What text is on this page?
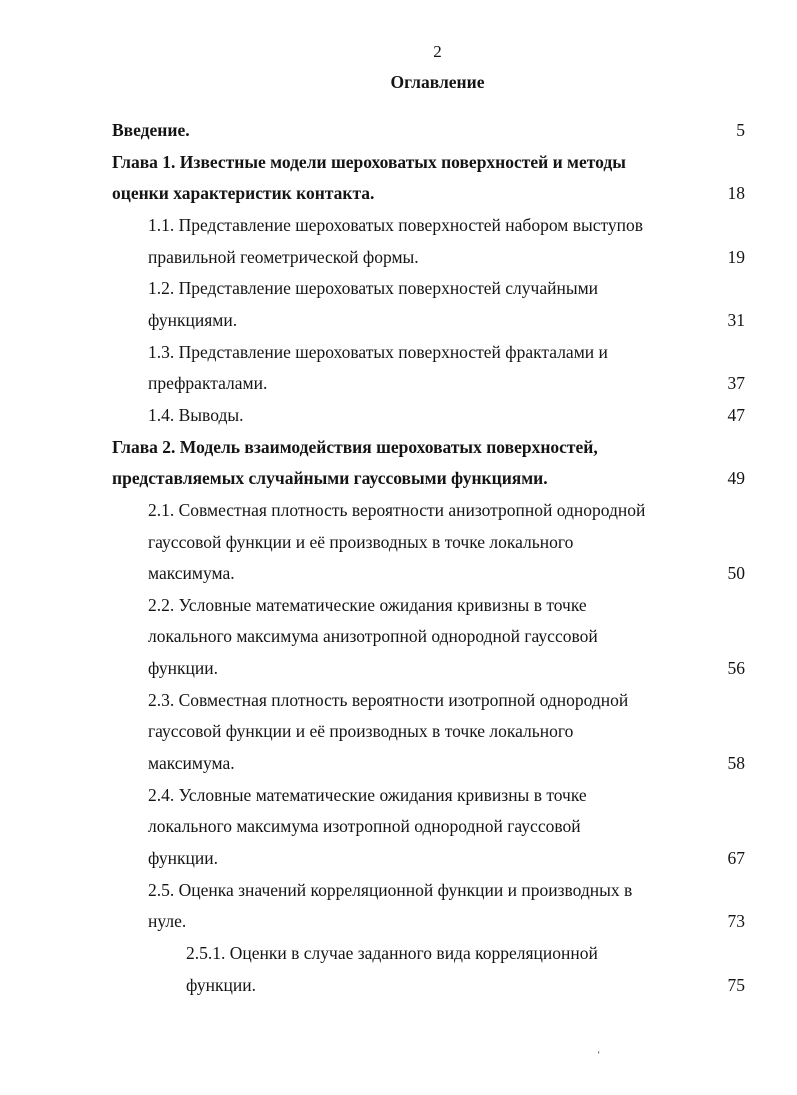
2
Оглавление
Введение.	5
Глава 1. Известные модели шероховатых поверхностей и методы
оценки характеристик контакта.	18
1.1. Представление шероховатых поверхностей набором выступов
правильной геометрической формы.	19
1.2. Представление шероховатых поверхностей случайными
функциями.	31
1.3. Представление шероховатых поверхностей фракталами и
префракталами.	37
1.4. Выводы.	47
Глава 2. Модель взаимодействия шероховатых поверхностей,
представляемых случайными гауссовыми функциями.	49
2.1. Совместная плотность вероятности анизотропной однородной
гауссовой функции и её производных в точке локального
максимума.	50
2.2. Условные математические ожидания кривизны в точке
локального максимума анизотропной однородной гауссовой
функции.	56
2.3. Совместная плотность вероятности изотропной однородной
гауссовой функции и её производных в точке локального
максимума.	58
2.4. Условные математические ожидания кривизны в точке
локального максимума изотропной однородной гауссовой
функции.	67
2.5. Оценка значений корреляционной функции и производных в
нуле.	73
2.5.1. Оценки в случае заданного вида корреляционной
функции.	75
‘
